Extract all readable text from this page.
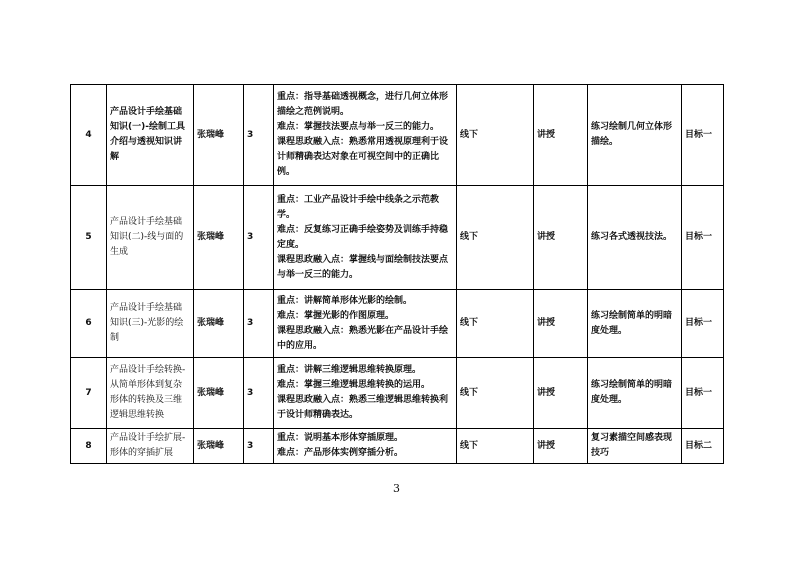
4	产品设计手绘基础知识(一)-绘制工具介绍与透视知识讲解	张瑞峰	3	重点：指导基础透视概念，进行几何立体形描绘之范例说明。
难点：掌握技法要点与举一反三的能力。
课程思政融入点：熟悉常用透视原理利于设计师精确表达对象在可视空间中的正确比例。	线下	讲授	练习绘制几何立体形描绘。	目标一
5	产品设计手绘基础知识(二)-线与面的生成	张瑞峰	3	重点：工业产品设计手绘中线条之示范教学。
难点：反复练习正确手绘姿势及训练手持稳定度。
课程思政融入点：掌握线与面绘制技法要点与举一反三的能力。	线下	讲授	练习各式透视技法。	目标一
6	产品设计手绘基础知识(三)-光影的绘制	张瑞峰	3	重点：讲解简单形体光影的绘制。
难点：掌握光影的作图原理。
课程思政融入点：熟悉光影在产品设计手绘中的应用。	线下	讲授	练习绘制简单的明暗度处理。	目标一
7	产品设计手绘转换-从简单形体到复杂形体的转换及三维逻辑思维转换	张瑞峰	3	重点：讲解三维逻辑思维转换原理。
难点：掌握三维逻辑思维转换的运用。
课程思政融入点：熟悉三维逻辑思维转换利于设计师精确表达。	线下	讲授	练习绘制简单的明暗度处理。	目标一
8	产品设计手绘扩展-形体的穿插扩展	张瑞峰	3	重点：说明基本形体穿插原理。
难点：产品形体实例穿插分析。	线下	讲授	复习素描空间感表现技巧	目标二
3
